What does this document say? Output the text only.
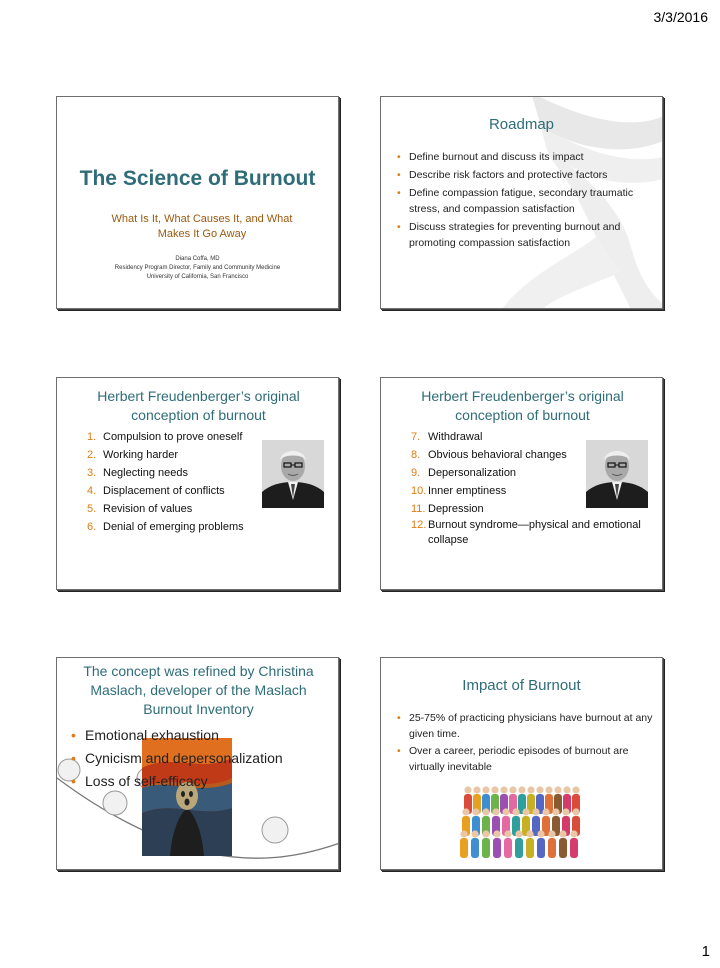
3/3/2016
The Science of Burnout
What Is It, What Causes It, and What Makes It Go Away
Diana Coffa, MD
Residency Program Director, Family and Community Medicine
University of California, San Francisco
Roadmap
• Define burnout and discuss its impact
• Describe risk factors and protective factors
• Define compassion fatigue, secondary traumatic stress, and compassion satisfaction
• Discuss strategies for preventing burnout and promoting compassion satisfaction
Herbert Freudenberger’s original conception of burnout
1. Compulsion to prove oneself
2. Working harder
3. Neglecting needs
4. Displacement of conflicts
5. Revision of values
6. Denial of emerging problems
Herbert Freudenberger’s original conception of burnout
7. Withdrawal
8. Obvious behavioral changes
9. Depersonalization
10. Inner emptiness
11. Depression
12. Burnout syndrome—physical and emotional collapse
The concept was refined by Christina Maslach, developer of the Maslach Burnout Inventory
• Emotional exhaustion
• Cynicism and depersonalization
• Loss of self-efficacy
Impact of Burnout
• 25-75% of practicing physicians have burnout at any given time.
• Over a career, periodic episodes of burnout are virtually inevitable
1
